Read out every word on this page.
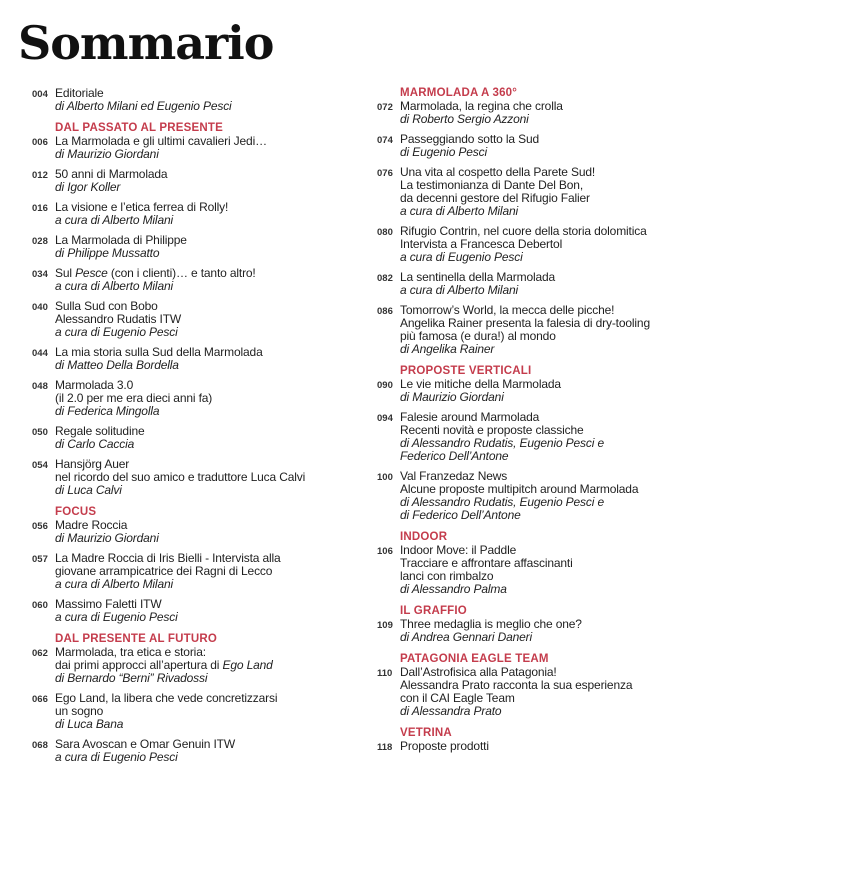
Sommario
004 Editoriale
di Alberto Milani ed Eugenio Pesci
DAL PASSATO AL PRESENTE
006 La Marmolada e gli ultimi cavalieri Jedi…
di Maurizio Giordani
012 50 anni di Marmolada
di Igor Koller
016 La visione e l’etica ferrea di Rolly!
a cura di Alberto Milani
028 La Marmolada di Philippe
di Philippe Mussatto
034 Sul Pesce (con i clienti)… e tanto altro!
a cura di Alberto Milani
040 Sulla Sud con Bobo
Alessandro Rudatis ITW
a cura di Eugenio Pesci
044 La mia storia sulla Sud della Marmolada
di Matteo Della Bordella
048 Marmolada 3.0
(il 2.0 per me era dieci anni fa)
di Federica Mingolla
050 Regale solitudine
di Carlo Caccia
054 Hansjörg Auer
nel ricordo del suo amico e traduttore Luca Calvi
di Luca Calvi
FOCUS
056 Madre Roccia
di Maurizio Giordani
057 La Madre Roccia di Iris Bielli - Intervista alla
giovane arrampicatrice dei Ragni di Lecco
a cura di Alberto Milani
060 Massimo Faletti ITW
a cura di Eugenio Pesci
DAL PRESENTE AL FUTURO
062 Marmolada, tra etica e storia:
dai primi approcci all’apertura di Ego Land
di Bernardo “Berni” Rivadossi
066 Ego Land, la libera che vede concretizzarsi
un sogno
di Luca Bana
068 Sara Avoscan e Omar Genuin ITW
a cura di Eugenio Pesci
MARMOLADA A 360°
072 Marmolada, la regina che crolla
di Roberto Sergio Azzoni
074 Passeggiando sotto la Sud
di Eugenio Pesci
076 Una vita al cospetto della Parete Sud!
La testimonianza di Dante Del Bon,
da decenni gestore del Rifugio Falier
a cura di Alberto Milani
080 Rifugio Contrin, nel cuore della storia dolomitica
Intervista a Francesca Debertol
a cura di Eugenio Pesci
082 La sentinella della Marmolada
a cura di Alberto Milani
086 Tomorrow’s World, la mecca delle picche!
Angelika Rainer presenta la falesia di dry-tooling
più famosa (e dura!) al mondo
di Angelika Rainer
PROPOSTE VERTICALI
090 Le vie mitiche della Marmolada
di Maurizio Giordani
094 Falesie around Marmolada
Recenti novità e proposte classiche
di Alessandro Rudatis, Eugenio Pesci e
Federico Dell’Antone
100 Val Franzedaz News
Alcune proposte multipitch around Marmolada
di Alessandro Rudatis, Eugenio Pesci e
di Federico Dell’Antone
INDOOR
106 Indoor Move: il Paddle
Tracciare e affrontare affascinanti
lanci con rimbalzo
di Alessandro Palma
IL GRAFFIO
109 Three medaglia is meglio che one?
di Andrea Gennari Daneri
PATAGONIA EAGLE TEAM
110 Dall’Astrofisica alla Patagonia!
Alessandra Prato racconta la sua esperienza
con il CAI Eagle Team
di Alessandra Prato
VETRINA
118 Proposte prodotti
